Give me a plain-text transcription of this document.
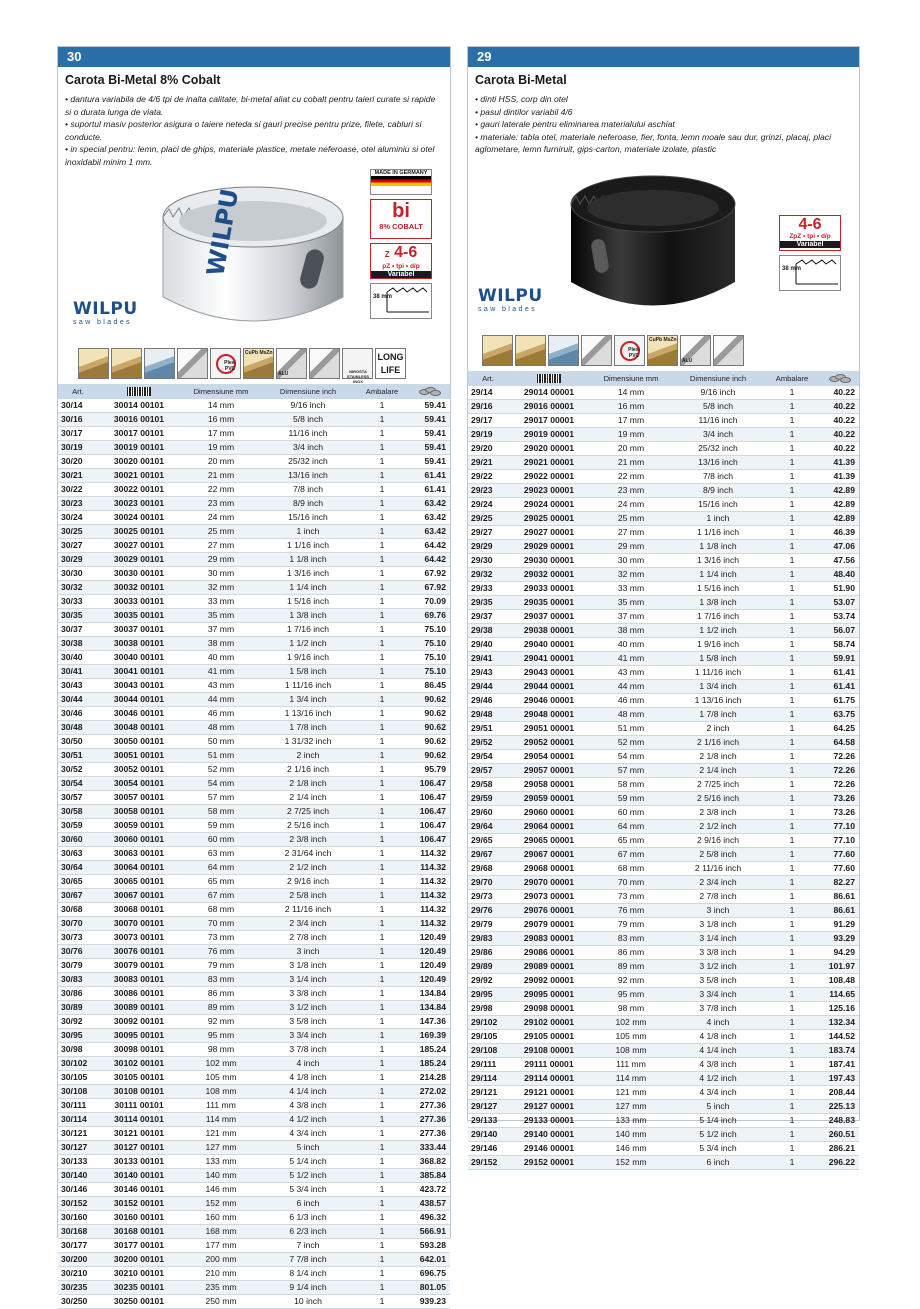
30
Carota Bi-Metal 8% Cobalt
• dantura variabila de 4/6 tpi de inalta calitate, bi-metal aliat cu cobalt pentru taieri curate si rapide si o durata lunga de viata.
• suportul masiv posterior asigura o taiere neteda si gauri precise pentru prize, filete, cabluri si conducte.
• in special pentru: lemn, placi de ghips, materiale plastice, metale neferoase, otel aluminiu si otel inoxidabil minim 1 mm.
WILPU
WILPU
saw blades
MADE IN GERMANY
bi
8% COBALT
Z 4-6
pZ • tpi • d/p
Variabel
38 mm
Plexi PVC
CuPb MsZn
ALU	NIROSTA STAINLESS INOX
LONG LIFE
Art.		Dimensiune mm	Dimensiune inch	Ambalare	

30/14	30014 00101	14 mm	9/16 inch	1	59.41
30/16	30016 00101	16 mm	5/8 inch	1	59.41
30/17	30017 00101	17 mm	11/16 inch	1	59.41
30/19	30019 00101	19 mm	3/4 inch	1	59.41
30/20	30020 00101	20 mm	25/32 inch	1	59.41
30/21	30021 00101	21 mm	13/16 inch	1	61.41
30/22	30022 00101	22 mm	7/8 inch	1	61.41
30/23	30023 00101	23 mm	8/9 inch	1	63.42
30/24	30024 00101	24 mm	15/16 inch	1	63.42
30/25	30025 00101	25 mm	1 inch	1	63.42
30/27	30027 00101	27 mm	1 1/16 inch	1	64.42
30/29	30029 00101	29 mm	1 1/8 inch	1	64.42
30/30	30030 00101	30 mm	1 3/16 inch	1	67.92
30/32	30032 00101	32 mm	1 1/4 inch	1	67.92
30/33	30033 00101	33 mm	1 5/16 inch	1	70.09
30/35	30035 00101	35 mm	1 3/8 inch	1	69.76
30/37	30037 00101	37 mm	1 7/16 inch	1	75.10
30/38	30038 00101	38 mm	1 1/2 inch	1	75.10
30/40	30040 00101	40 mm	1 9/16 inch	1	75.10
30/41	30041 00101	41 mm	1 5/8 inch	1	75.10
30/43	30043 00101	43 mm	1 11/16 inch	1	86.45
30/44	30044 00101	44 mm	1 3/4 inch	1	90.62
30/46	30046 00101	46 mm	1 13/16 inch	1	90.62
30/48	30048 00101	48 mm	1 7/8 inch	1	90.62
30/50	30050 00101	50 mm	1 31/32 inch	1	90.62
30/51	30051 00101	51 mm	2 inch	1	90.62
30/52	30052 00101	52 mm	2 1/16 inch	1	95.79
30/54	30054 00101	54 mm	2 1/8 inch	1	106.47
30/57	30057 00101	57 mm	2 1/4 inch	1	106.47
30/58	30058 00101	58 mm	2 7/25 inch	1	106.47
30/59	30059 00101	59 mm	2 5/16 inch	1	106.47
30/60	30060 00101	60 mm	2 3/8 inch	1	106.47
30/63	30063 00101	63 mm	2 31/64 inch	1	114.32
30/64	30064 00101	64 mm	2 1/2 inch	1	114.32
30/65	30065 00101	65 mm	2 9/16 inch	1	114.32
30/67	30067 00101	67 mm	2 5/8 inch	1	114.32
30/68	30068 00101	68 mm	2 11/16 inch	1	114.32
30/70	30070 00101	70 mm	2 3/4 inch	1	114.32
30/73	30073 00101	73 mm	2 7/8 inch	1	120.49
30/76	30076 00101	76 mm	3 inch	1	120.49
30/79	30079 00101	79 mm	3 1/8 inch	1	120.49
30/83	30083 00101	83 mm	3 1/4 inch	1	120.49
30/86	30086 00101	86 mm	3 3/8 inch	1	134.84
30/89	30089 00101	89 mm	3 1/2 inch	1	134.84
30/92	30092 00101	92 mm	3 5/8 inch	1	147.36
30/95	30095 00101	95 mm	3 3/4 inch	1	169.39
30/98	30098 00101	98 mm	3 7/8 inch	1	185.24
30/102	30102 00101	102 mm	4 inch	1	185.24
30/105	30105 00101	105 mm	4 1/8 inch	1	214.28
30/108	30108 00101	108 mm	4 1/4 inch	1	272.02
30/111	30111 00101	111 mm	4 3/8 inch	1	277.36
30/114	30114 00101	114 mm	4 1/2 inch	1	277.36
30/121	30121 00101	121 mm	4 3/4 inch	1	277.36
30/127	30127 00101	127 mm	5 inch	1	333.44
30/133	30133 00101	133 mm	5 1/4 inch	1	368.82
30/140	30140 00101	140 mm	5 1/2 inch	1	385.84
30/146	30146 00101	146 mm	5 3/4 inch	1	423.72
30/152	30152 00101	152 mm	6 inch	1	438.57
30/160	30160 00101	160 mm	6 1/3 inch	1	496.32
30/168	30168 00101	168 mm	6 2/3 inch	1	566.91
30/177	30177 00101	177 mm	7 inch	1	593.28
30/200	30200 00101	200 mm	7 7/8 inch	1	642.01
30/210	30210 00101	210 mm	8 1/4 inch	1	696.75
30/235	30235 00101	235 mm	9 1/4 inch	1	801.05
30/250	30250 00101	250 mm	10 inch	1	939.23
29
Carota Bi-Metal
• dinti HSS, corp din otel
• pasul dintilor variabil 4/6
• gauri laterale pentru eliminarea materialului aschiat
• materiale: tabla otel, materiale neferoase, fier, fonta, lemn moale sau dur, grinzi, placaj, placi aglometare, lemn furniruit, gips-carton, materiale izolate, plastic
WILPU
saw blades
4-6
ZpZ • tpi • d/p
Variabel
38 mm
Plexi PVC
CuPb MsZn
ALU
Art.		Dimensiune mm	Dimensiune inch	Ambalare	

29/14	29014 00001	14 mm	9/16 inch	1	40.22
29/16	29016 00001	16 mm	5/8 inch	1	40.22
29/17	29017 00001	17 mm	11/16 inch	1	40.22
29/19	29019 00001	19 mm	3/4 inch	1	40.22
29/20	29020 00001	20 mm	25/32 inch	1	40.22
29/21	29021 00001	21 mm	13/16 inch	1	41.39
29/22	29022 00001	22 mm	7/8 inch	1	41.39
29/23	29023 00001	23 mm	8/9 inch	1	42.89
29/24	29024 00001	24 mm	15/16 inch	1	42.89
29/25	29025 00001	25 mm	1 inch	1	42.89
29/27	29027 00001	27 mm	1 1/16 inch	1	46.39
29/29	29029 00001	29 mm	1 1/8 inch	1	47.06
29/30	29030 00001	30 mm	1 3/16 inch	1	47.56
29/32	29032 00001	32 mm	1 1/4 inch	1	48.40
29/33	29033 00001	33 mm	1 5/16 inch	1	51.90
29/35	29035 00001	35 mm	1 3/8 inch	1	53.07
29/37	29037 00001	37 mm	1 7/16 inch	1	53.74
29/38	29038 00001	38 mm	1 1/2 inch	1	56.07
29/40	29040 00001	40 mm	1 9/16 inch	1	58.74
29/41	29041 00001	41 mm	1 5/8 inch	1	59.91
29/43	29043 00001	43 mm	1 11/16 inch	1	61.41
29/44	29044 00001	44 mm	1 3/4 inch	1	61.41
29/46	29046 00001	46 mm	1 13/16 inch	1	61.75
29/48	29048 00001	48 mm	1 7/8 inch	1	63.75
29/51	29051 00001	51 mm	2 inch	1	64.25
29/52	29052 00001	52 mm	2 1/16 inch	1	64.58
29/54	29054 00001	54 mm	2 1/8 inch	1	72.26
29/57	29057 00001	57 mm	2 1/4 inch	1	72.26
29/58	29058 00001	58 mm	2 7/25 inch	1	72.26
29/59	29059 00001	59 mm	2 5/16 inch	1	73.26
29/60	29060 00001	60 mm	2 3/8 inch	1	73.26
29/64	29064 00001	64 mm	2 1/2 inch	1	77.10
29/65	29065 00001	65 mm	2 9/16 inch	1	77.10
29/67	29067 00001	67 mm	2 5/8 inch	1	77.60
29/68	29068 00001	68 mm	2 11/16 inch	1	77.60
29/70	29070 00001	70 mm	2 3/4 inch	1	82.27
29/73	29073 00001	73 mm	2 7/8 inch	1	86.61
29/76	29076 00001	76 mm	3 inch	1	86.61
29/79	29079 00001	79 mm	3 1/8 inch	1	91.29
29/83	29083 00001	83 mm	3 1/4 inch	1	93.29
29/86	29086 00001	86 mm	3 3/8 inch	1	94.29
29/89	29089 00001	89 mm	3 1/2 inch	1	101.97
29/92	29092 00001	92 mm	3 5/8 inch	1	108.48
29/95	29095 00001	95 mm	3 3/4 inch	1	114.65
29/98	29098 00001	98 mm	3 7/8 inch	1	125.16
29/102	29102 00001	102 mm	4 inch	1	132.34
29/105	29105 00001	105 mm	4 1/8 inch	1	144.52
29/108	29108 00001	108 mm	4 1/4 inch	1	183.74
29/111	29111 00001	111 mm	4 3/8 inch	1	187.41
29/114	29114 00001	114 mm	4 1/2 inch	1	197.43
29/121	29121 00001	121 mm	4 3/4 inch	1	208.44
29/127	29127 00001	127 mm	5 inch	1	225.13
29/133	29133 00001	133 mm	5 1/4 inch	1	248.83
29/140	29140 00001	140 mm	5 1/2 inch	1	260.51
29/146	29146 00001	146 mm	5 3/4 inch	1	286.21
29/152	29152 00001	152 mm	6 inch	1	296.22
